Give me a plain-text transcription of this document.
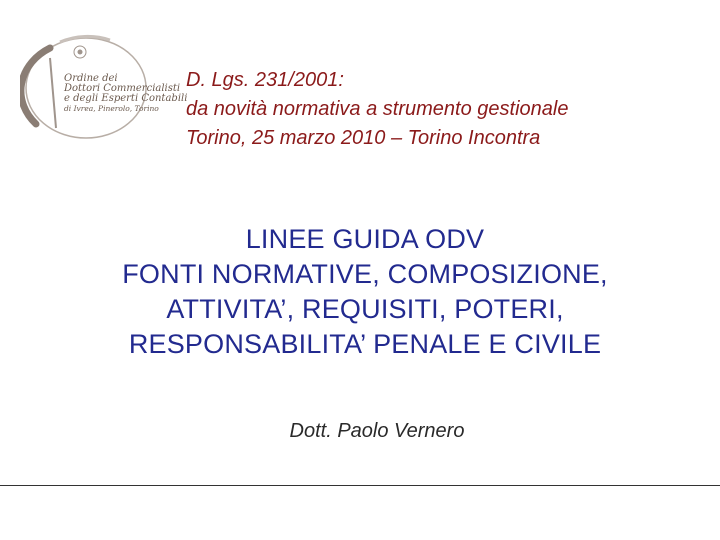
Ordine dei
Dottori Commercialisti
e degli Esperti Contabili
di Ivrea, Pinerolo, Torino
D. Lgs. 231/2001:
da novità normativa a strumento gestionale
Torino, 25 marzo 2010 – Torino Incontra
LINEE GUIDA ODV
FONTI NORMATIVE, COMPOSIZIONE,
ATTIVITA’, REQUISITI, POTERI,
RESPONSABILITA’ PENALE E CIVILE
Dott. Paolo Vernero
